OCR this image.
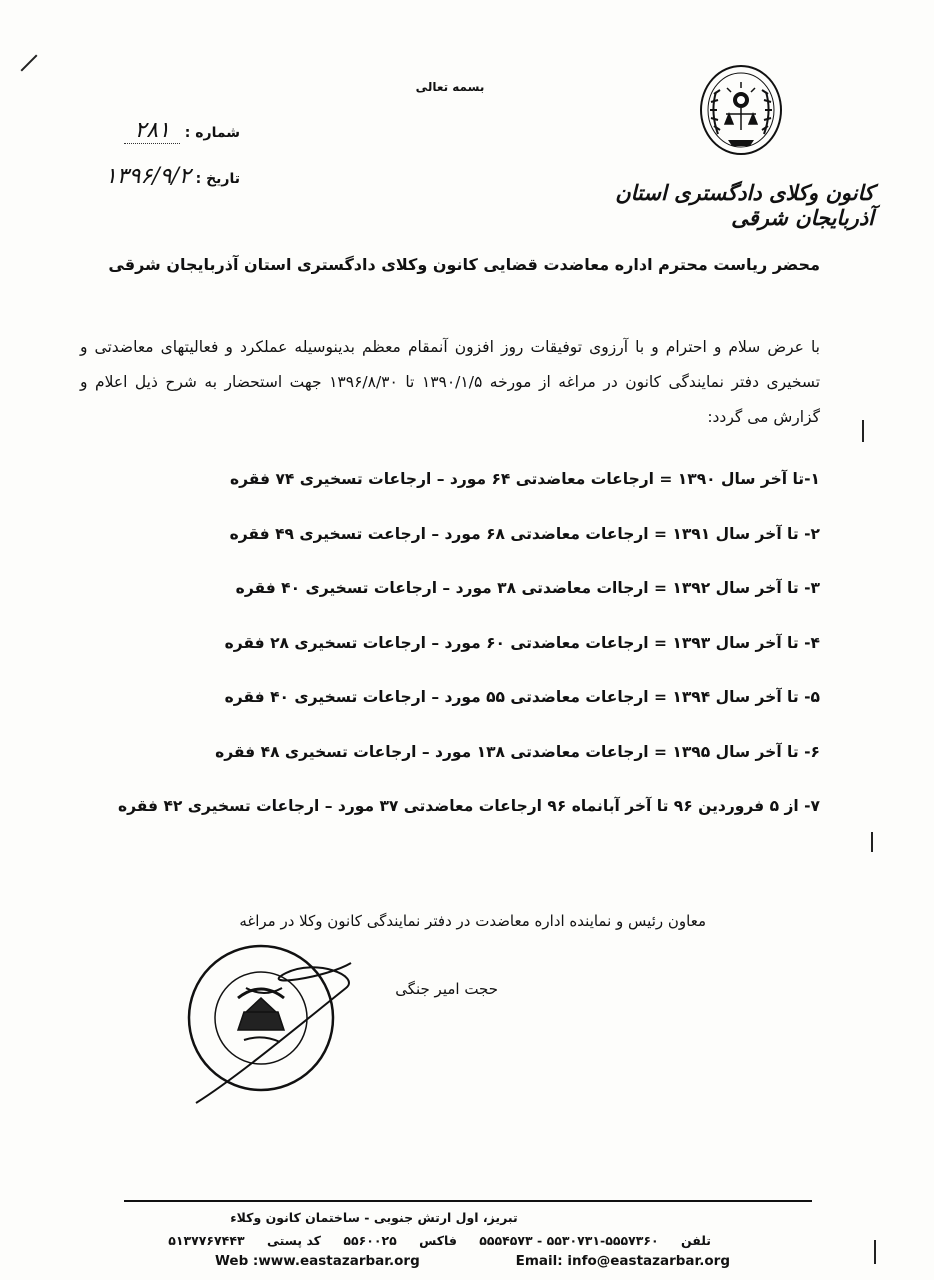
بسمه تعالی
کانون وکلای دادگستری استان آذربایجان شرقی
۲۸۱ شماره :
۱۳۹۶/۹/۲ تاریخ :
محضر ریاست محترم اداره معاضدت قضایی کانون وکلای دادگستری استان آذربایجان شرقی
با عرض سلام و احترام و با آرزوی توفیقات روز افزون آنمقام معظم بدینوسیله عملکرد و فعالیتهای معاضدتی و تسخیری دفتر نمایندگی کانون در مراغه از مورخه ۱۳۹۰/۱/۵ تا ۱۳۹۶/۸/۳۰ جهت استحضار به شرح ذیل اعلام و گزارش می گردد:
۱-تا آخر سال ۱۳۹۰ = ارجاعات معاضدتی ۶۴ مورد – ارجاعات تسخیری ۷۴ فقره
۲- تا آخر سال ۱۳۹۱ = ارجاعات معاضدتی ۶۸ مورد – ارجاعت تسخیری ۴۹ فقره
۳- تا آخر سال ۱۳۹۲ = ارجاات معاضدتی ۳۸ مورد – ارجاعات تسخیری ۴۰ فقره
۴- تا آخر سال ۱۳۹۳ = ارجاعات معاضدتی ۶۰ مورد – ارجاعات تسخیری ۲۸ فقره
۵- تا آخر سال ۱۳۹۴ = ارجاعات معاضدتی ۵۵ مورد – ارجاعات تسخیری ۴۰ فقره
۶- تا آخر سال ۱۳۹۵ = ارجاعات معاضدتی ۱۳۸ مورد – ارجاعات تسخیری ۴۸ فقره
۷- از ۵ فروردین ۹۶ تا آخر آبانماه ۹۶ ارجاعات معاضدتی ۳۷ مورد – ارجاعات تسخیری ۴۲ فقره
معاون رئیس و نماینده اداره معاضدت در دفتر نمایندگی کانون وکلا در مراغه
حجت امیر جنگی
تبریز، اول ارتش جنوبی - ساختمان کانون وکلاء
تلفن ۵۵۵۷۳۶۰-۵۵۳۰۷۳۱ - ۵۵۵۴۵۷۳ فاکس ۵۵۶۰۰۲۵ کد پستی ۵۱۳۷۷۶۷۴۴۳
Web :www.eastazarbar.org	Email: info@eastazarbar.org
